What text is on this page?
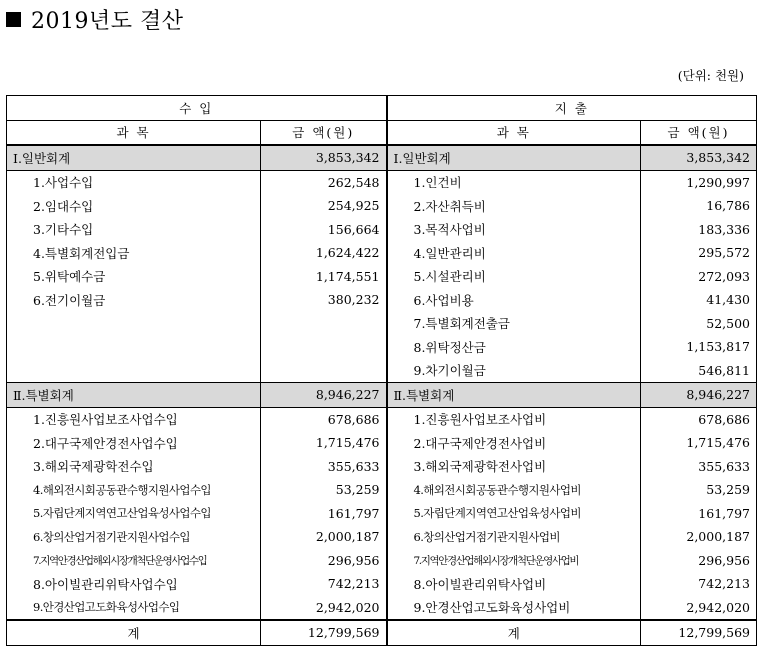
2019년도 결산
(단위: 천원)
수 입		지 출	
과 목	금 액(원)	과 목	금 액(원)
Ⅰ.일반회계	3,853,342	Ⅰ.일반회계	3,853,342
1.사업수입	262,548	1.인건비	1,290,997
2.임대수입	254,925	2.자산취득비	16,786
3.기타수입	156,664	3.목적사업비	183,336
4.특별회계전입금	1,624,422	4.일반관리비	295,572
5.위탁예수금	1,174,551	5.시설관리비	272,093
6.전기이월금	380,232	6.사업비용	41,430
		7.특별회계전출금	52,500
		8.위탁정산금	1,153,817
		9.차기이월금	546,811
Ⅱ.특별회계	8,946,227	Ⅱ.특별회계	8,946,227
1.진흥원사업보조사업수입	678,686	1.진흥원사업보조사업비	678,686
2.대구국제안경전사업수입	1,715,476	2.대구국제안경전사업비	1,715,476
3.해외국제광학전수입	355,633	3.해외국제광학전사업비	355,633
4.해외전시회공동관수행지원사업수입	53,259	4.해외전시회공동관수행지원사업비	53,259
5.자립단계지역연고산업육성사업수입	161,797	5.자립단계지역연고산업육성사업비	161,797
6.창의산업거점기관지원사업수입	2,000,187	6.창의산업거점기관지원사업비	2,000,187
7.지역안경산업해외시장개척단운영사업수입	296,956	7.지역안경산업해외시장개척단운영사업비	296,956
8.아이빌관리위탁사업수입	742,213	8.아이빌관리위탁사업비	742,213
9.안경산업고도화육성사업수입	2,942,020	9.안경산업고도화육성사업비	2,942,020
계	12,799,569	계	12,799,569
